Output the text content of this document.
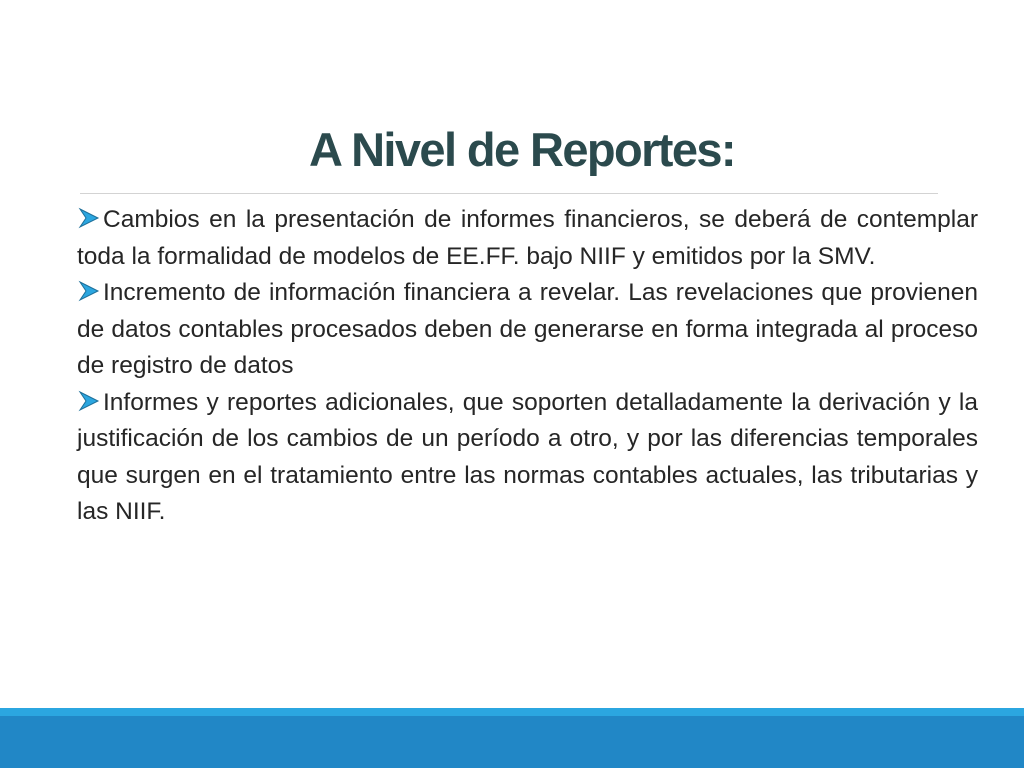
A Nivel de Reportes:
Cambios en la presentación de informes financieros, se deberá de contemplar toda la formalidad de modelos de EE.FF. bajo NIIF y emitidos por la SMV.
Incremento de información financiera a revelar. Las revelaciones que provienen de datos contables procesados deben de generarse en forma integrada al proceso de registro de datos
Informes y reportes adicionales, que soporten detalladamente la derivación y la justificación de los cambios de un período a otro, y por las diferencias temporales que surgen en el tratamiento entre las normas contables actuales, las tributarias y las NIIF.
